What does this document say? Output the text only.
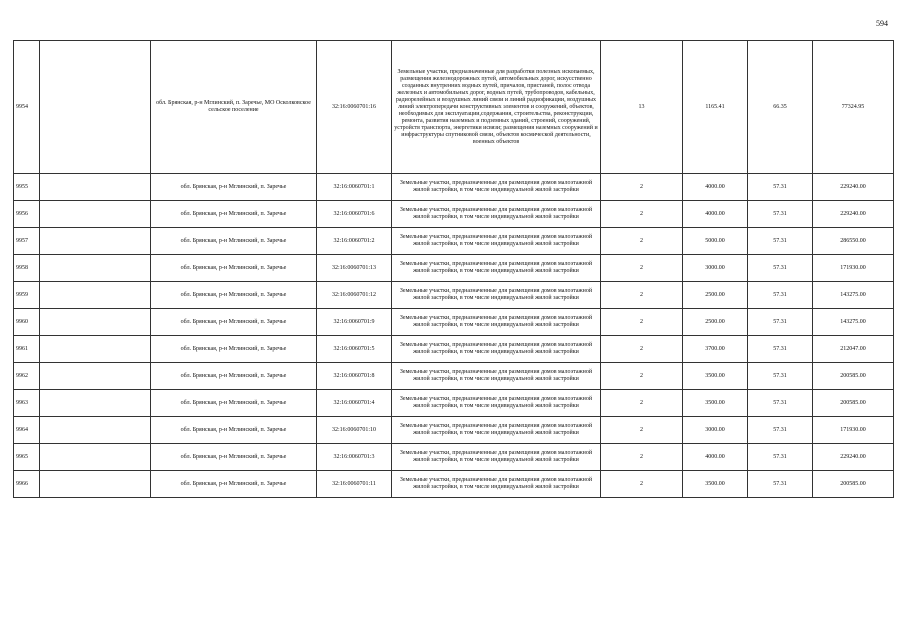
594
9954		обл. Брянская, р-н Мглинский, п. Заречье, МО Осколковское сельское поселение	32:16:0060701:16	Земельные участки, предназначенные для разработки полезных ископаемых, размещения железнодорожных путей, автомобильных дорог, искусственно созданных внутренних водных путей, причалов, пристаней, полос отвода железных и автомобильных дорог, водных путей, трубопроводов, кабельных, радиорелейных и воздушных линий связи и линий радиофикации, воздушных линий электропередачи конструктивных элементов и сооружений, объектов, необходимых для эксплуатации,содержания, строительства, реконструкции, ремонта, развития наземных и подземных зданий, строений, сооружений, устройств транспорта, энергетики исвязи; размещения наземных сооружений и инфраструктуры спутниковой связи, объектов космической деятельности, военных объектов	13	1165.41	66.35	77324.95
9955		обл. Брянская, р-н Мглинский, п. Заречье	32:16:0060701:1	Земельные участки, предназначенные для размещения домов малоэтажной жилой застройки, в том числе индивидуальной жилой застройки	2	4000.00	57.31	229240.00
9956		обл. Брянская, р-н Мглинский, п. Заречье	32:16:0060701:6	Земельные участки, предназначенные для размещения домов малоэтажной жилой застройки, в том числе индивидуальной жилой застройки	2	4000.00	57.31	229240.00
9957		обл. Брянская, р-н Мглинский, п. Заречье	32:16:0060701:2	Земельные участки, предназначенные для размещения домов малоэтажной жилой застройки, в том числе индивидуальной жилой застройки	2	5000.00	57.31	286550.00
9958		обл. Брянская, р-н Мглинский, п. Заречье	32:16:0060701:13	Земельные участки, предназначенные для размещения домов малоэтажной жилой застройки, в том числе индивидуальной жилой застройки	2	3000.00	57.31	171930.00
9959		обл. Брянская, р-н Мглинский, п. Заречье	32:16:0060701:12	Земельные участки, предназначенные для размещения домов малоэтажной жилой застройки, в том числе индивидуальной жилой застройки	2	2500.00	57.31	143275.00
9960		обл. Брянская, р-н Мглинский, п. Заречье	32:16:0060701:9	Земельные участки, предназначенные для размещения домов малоэтажной жилой застройки, в том числе индивидуальной жилой застройки	2	2500.00	57.31	143275.00
9961		обл. Брянская, р-н Мглинский, п. Заречье	32:16:0060701:5	Земельные участки, предназначенные для размещения домов малоэтажной жилой застройки, в том числе индивидуальной жилой застройки	2	3700.00	57.31	212047.00
9962		обл. Брянская, р-н Мглинский, п. Заречье	32:16:0060701:8	Земельные участки, предназначенные для размещения домов малоэтажной жилой застройки, в том числе индивидуальной жилой застройки	2	3500.00	57.31	200585.00
9963		обл. Брянская, р-н Мглинский, п. Заречье	32:16:0060701:4	Земельные участки, предназначенные для размещения домов малоэтажной жилой застройки, в том числе индивидуальной жилой застройки	2	3500.00	57.31	200585.00
9964		обл. Брянская, р-н Мглинский, п. Заречье	32:16:0060701:10	Земельные участки, предназначенные для размещения домов малоэтажной жилой застройки, в том числе индивидуальной жилой застройки	2	3000.00	57.31	171930.00
9965		обл. Брянская, р-н Мглинский, п. Заречье	32:16:0060701:3	Земельные участки, предназначенные для размещения домов малоэтажной жилой застройки, в том числе индивидуальной жилой застройки	2	4000.00	57.31	229240.00
9966		обл. Брянская, р-н Мглинский, п. Заречье	32:16:0060701:11	Земельные участки, предназначенные для размещения домов малоэтажной жилой застройки, в том числе индивидуальной жилой застройки	2	3500.00	57.31	200585.00
